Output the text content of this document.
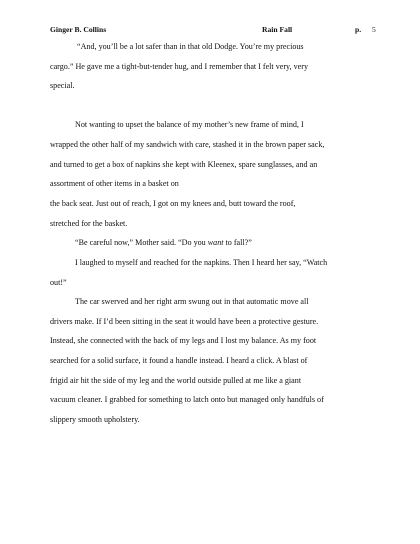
Ginger B. Collins	Rain Fall	p. 5
“And, you’ll be a lot safer than in that old Dodge. You’re my precious
cargo.” He gave me a tight-but-tender hug, and I remember that I felt very, very
special.
Not wanting to upset the balance of my mother’s new frame of mind, I
wrapped the other half of my sandwich with care, stashed it in the brown paper sack,
and turned to get a box of napkins she kept with Kleenex, spare sunglasses, and an
assortment of other items in a basket on
the back seat. Just out of reach, I got on my knees and, butt toward the roof,
stretched for the basket.
“Be careful now,” Mother said. “Do you want to fall?”
I laughed to myself and reached for the napkins. Then I heard her say, “Watch
out!”
The car swerved and her right arm swung out in that automatic move all
drivers make. If I’d been sitting in the seat it would have been a protective gesture.
Instead, she connected with the back of my legs and I lost my balance. As my foot
searched for a solid surface, it found a handle instead. I heard a click. A blast of
frigid air hit the side of my leg and the world outside pulled at me like a giant
vacuum cleaner. I grabbed for something to latch onto but managed only handfuls of
slippery smooth upholstery.
